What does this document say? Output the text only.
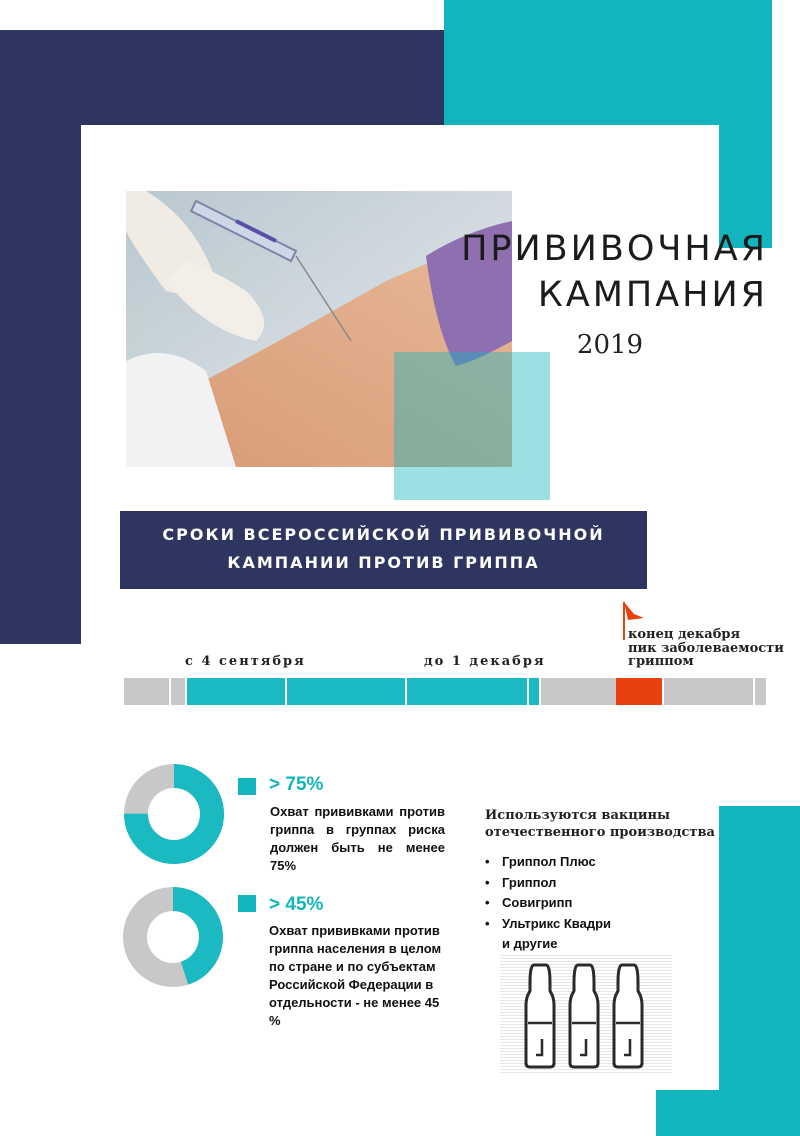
ПРИВИВОЧНАЯ
КАМПАНИЯ
2019
СРОКИ ВСЕРОССИЙСКОЙ ПРИВИВОЧНОЙ
КАМПАНИИ ПРОТИВ ГРИППА
с 4 сентября	до 1 декабря
конец декабря
пик заболеваемости
гриппом
> 75%
Охват прививками против гриппа в группах риска должен быть не менее 75%
> 45%
Охват прививками против гриппа населения в целом по стране и по субъектам Российской Федерации в отдельности - не менее 45 %
Используются вакцины отечественного производства
• Гриппол Плюс
• Гриппол
• Совигрипп
• Ультрикс Квадри
и другие
